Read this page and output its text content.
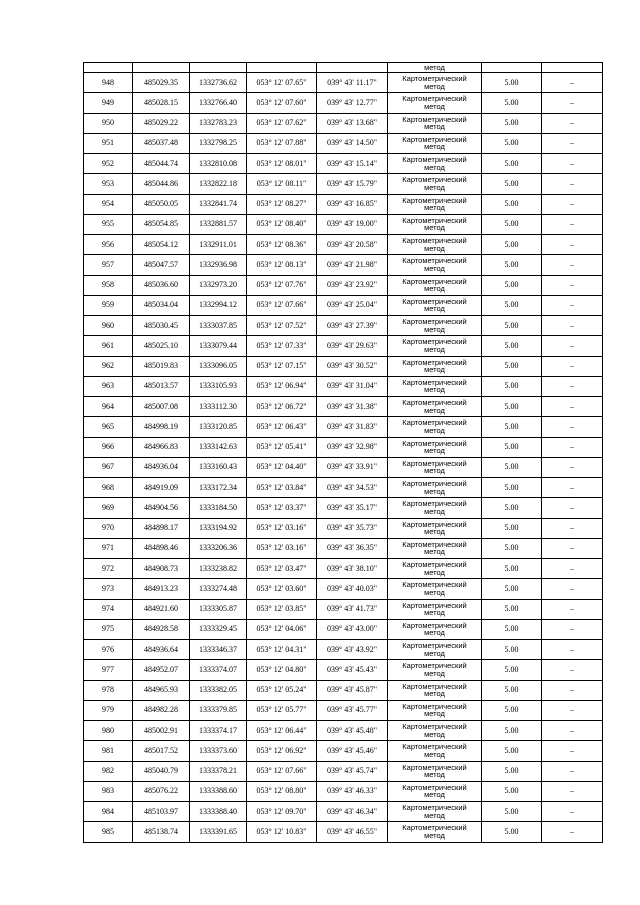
					метод		
948	485029.35	1332736.62	053° 12' 07.65"	039° 43' 11.17"	Картометрический
метод	5.00	–
949	485028.15	1332766.40	053° 12' 07.60"	039° 43' 12.77"	Картометрический
метод	5.00	–
950	485029.22	1332783.23	053° 12' 07.62"	039° 43' 13.68"	Картометрический
метод	5.00	–
951	485037.48	1332798.25	053° 12' 07.88"	039° 43' 14.50"	Картометрический
метод	5.00	–
952	485044.74	1332810.08	053° 12' 08.01"	039° 43' 15.14"	Картометрический
метод	5.00	–
953	485044.86	1332822.18	053° 12' 08.11"	039° 43' 15.79"	Картометрический
метод	5.00	–
954	485050.05	1332841.74	053° 12' 08.27"	039° 43' 16.85"	Картометрический
метод	5.00	–
955	485054.85	1332881.57	053° 12' 08.40"	039° 43' 19.00"	Картометрический
метод	5.00	–
956	485054.12	1332911.01	053° 12' 08.36"	039° 43' 20.58"	Картометрический
метод	5.00	–
957	485047.57	1332936.98	053° 12' 08.13"	039° 43' 21.98"	Картометрический
метод	5.00	–
958	485036.60	1332973.20	053° 12' 07.76"	039° 43' 23.92"	Картометрический
метод	5.00	–
959	485034.04	1332994.12	053° 12' 07.66"	039° 43' 25.04"	Картометрический
метод	5.00	–
960	485030.45	1333037.85	053° 12' 07.52"	039° 43' 27.39"	Картометрический
метод	5.00	–
961	485025.10	1333079.44	053° 12' 07.33"	039° 43' 29.63"	Картометрический
метод	5.00	–
962	485019.83	1333096.05	053° 12' 07.15"	039° 43' 30.52"	Картометрический
метод	5.00	–
963	485013.57	1333105.93	053° 12' 06.94"	039° 43' 31.04"	Картометрический
метод	5.00	–
964	485007.08	1333112.30	053° 12' 06.72"	039° 43' 31.38"	Картометрический
метод	5.00	–
965	484998.19	1333120.85	053° 12' 06.43"	039° 43' 31.83"	Картометрический
метод	5.00	–
966	484966.83	1333142.63	053° 12' 05.41"	039° 43' 32.98"	Картометрический
метод	5.00	–
967	484936.04	1333160.43	053° 12' 04.40"	039° 43' 33.91"	Картометрический
метод	5.00	–
968	484919.09	1333172.34	053° 12' 03.84"	039° 43' 34.53"	Картометрический
метод	5.00	–
969	484904.56	1333184.50	053° 12' 03.37"	039° 43' 35.17"	Картометрический
метод	5.00	–
970	484898.17	1333194.92	053° 12' 03.16"	039° 43' 35.73"	Картометрический
метод	5.00	–
971	484898.46	1333206.36	053° 12' 03.16"	039° 43' 36.35"	Картометрический
метод	5.00	–
972	484908.73	1333238.82	053° 12' 03.47"	039° 43' 38.10"	Картометрический
метод	5.00	–
973	484913.23	1333274.48	053° 12' 03.60"	039° 43' 40.03"	Картометрический
метод	5.00	–
974	484921.60	1333305.87	053° 12' 03.85"	039° 43' 41.73"	Картометрический
метод	5.00	–
975	484928.58	1333329.45	053° 12' 04.06"	039° 43' 43.00"	Картометрический
метод	5.00	–
976	484936.64	1333346.37	053° 12' 04.31"	039° 43' 43.92"	Картометрический
метод	5.00	–
977	484952.07	1333374.07	053° 12' 04.80"	039° 43' 45.43"	Картометрический
метод	5.00	–
978	484965.93	1333382.05	053° 12' 05.24"	039° 43' 45.87"	Картометрический
метод	5.00	–
979	484982.28	1333379.85	053° 12' 05.77"	039° 43' 45.77"	Картометрический
метод	5.00	–
980	485002.91	1333374.17	053° 12' 06.44"	039° 43' 45.48"	Картометрический
метод	5.00	–
981	485017.52	1333373.60	053° 12' 06.92"	039° 43' 45.46"	Картометрический
метод	5.00	–
982	485040.79	1333378.21	053° 12' 07.66"	039° 43' 45.74"	Картометрический
метод	5.00	–
983	485076.22	1333388.60	053° 12' 08.80"	039° 43' 46.33"	Картометрический
метод	5.00	–
984	485103.97	1333388.40	053° 12' 09.70"	039° 43' 46.34"	Картометрический
метод	5.00	–
985	485138.74	1333391.65	053° 12' 10.83"	039° 43' 46.55"	Картометрический
метод	5.00	–
